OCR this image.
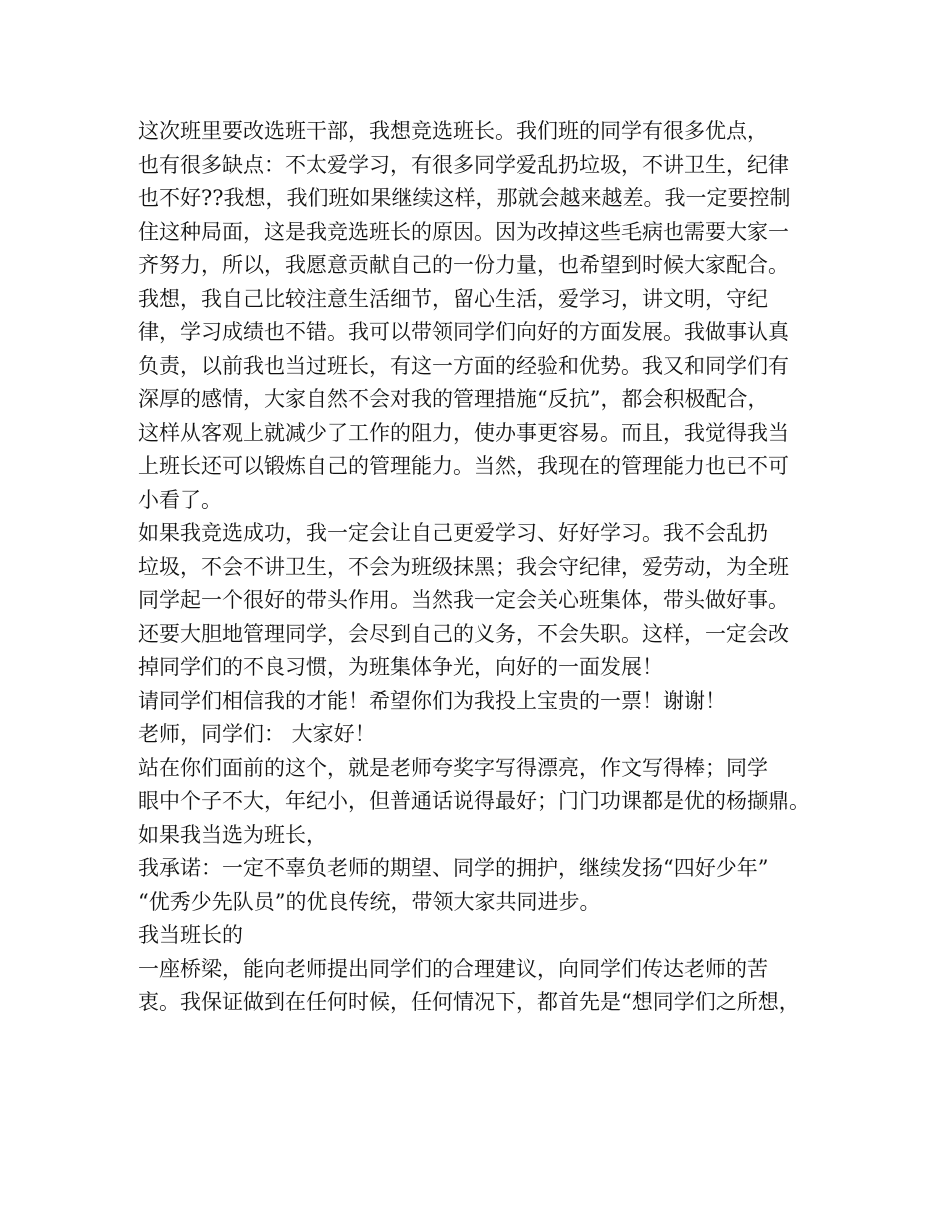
这次班里要改选班干部，我想竞选班长。我们班的同学有很多优点，
也有很多缺点：不太爱学习，有很多同学爱乱扔垃圾，不讲卫生，纪律
也不好??我想，我们班如果继续这样，那就会越来越差。我一定要控制
住这种局面，这是我竞选班长的原因。因为改掉这些毛病也需要大家一
齐努力，所以，我愿意贡献自己的一份力量，也希望到时候大家配合。
我想，我自己比较注意生活细节，留心生活，爱学习，讲文明，守纪
律，学习成绩也不错。我可以带领同学们向好的方面发展。我做事认真
负责，以前我也当过班长，有这一方面的经验和优势。我又和同学们有
深厚的感情，大家自然不会对我的管理措施“反抗”，都会积极配合，
这样从客观上就减少了工作的阻力，使办事更容易。而且，我觉得我当
上班长还可以锻炼自己的管理能力。当然，我现在的管理能力也已不可
小看了。
如果我竞选成功，我一定会让自己更爱学习、好好学习。我不会乱扔
垃圾，不会不讲卫生，不会为班级抹黑；我会守纪律，爱劳动，为全班
同学起一个很好的带头作用。当然我一定会关心班集体，带头做好事。
还要大胆地管理同学，会尽到自己的义务，不会失职。这样，一定会改
掉同学们的不良习惯，为班集体争光，向好的一面发展！
请同学们相信我的才能！希望你们为我投上宝贵的一票！谢谢！
老师，同学们： 大家好！
站在你们面前的这个，就是老师夸奖字写得漂亮，作文写得棒；同学
眼中个子不大，年纪小，但普通话说得最好；门门功课都是优的杨撷鼎。
如果我当选为班长，
我承诺：一定不辜负老师的期望、同学的拥护，继续发扬“四好少年”
“优秀少先队员”的优良传统，带领大家共同进步。
我当班长的
一座桥梁，能向老师提出同学们的合理建议，向同学们传达老师的苦
衷。我保证做到在任何时候，任何情况下，都首先是“想同学们之所想，
